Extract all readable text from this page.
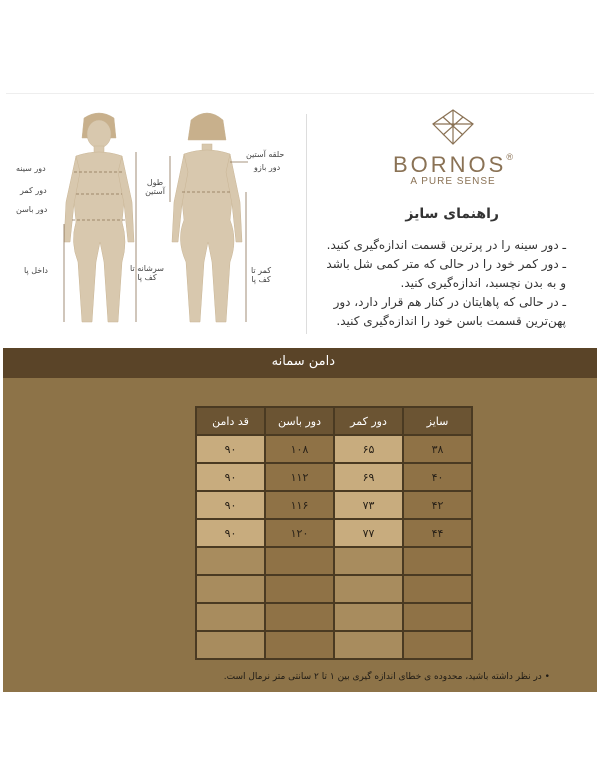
دور سینه
دور کمر
دور باسن
داخل پا	سرشانه تا کف پا
حلقه آستین
دور بازو
طول آستین
کمر تا کف پا
BORNOS®
A PURE SENSE
راهنمای سایز
ـ دور سینه را در پرترین قسمت اندازه‌گیری کنید.
ـ دور کمر خود را در حالی که متر کمی شل باشد
و به بدن نچسبد، اندازه‌گیری کنید.
ـ در حالی که پاهایتان در کنار هم قرار دارد، دور
پهن‌ترین قسمت باسن خود را اندازه‌گیری کنید.
دامن سمانه
قد دامن	دور باسن	دور کمر	سایز
۹۰	۱۰۸	۶۵	۳۸
۹۰	۱۱۲	۶۹	۴۰
۹۰	۱۱۶	۷۳	۴۲
۹۰	۱۲۰	۷۷	۴۴

• در نظر داشته باشید، محدوده ی خطای اندازه گیری بین ۱ تا ۲ سانتی متر نرمال است.
